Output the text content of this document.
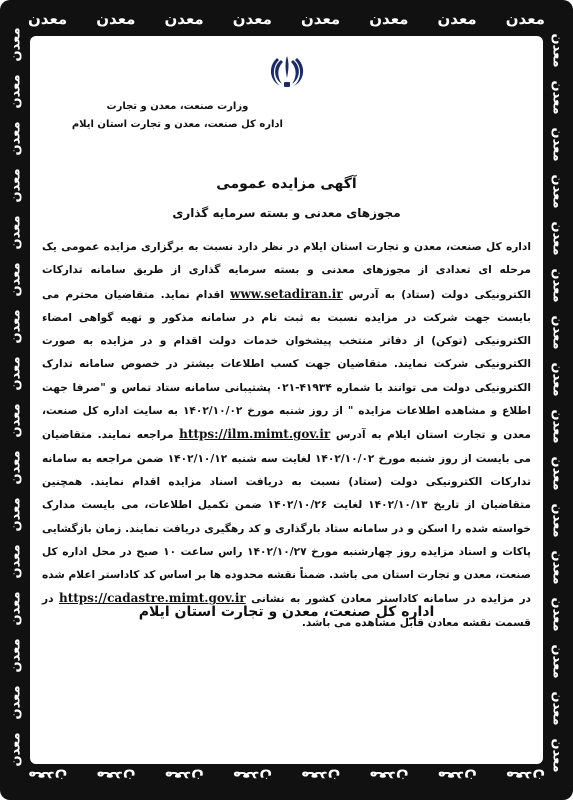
معدن معدن معدن معدن معدن معدن معدن معدن
معدن
معدن
معدن
معدن
معدن
معدن
معدن
معدن
معدن
معدن
معدن
معدن
معدن
معدن
معدن
معدن
معدن
معدن
معدن
معدن
معدن
معدن
معدن
معدن
معدن
معدن
معدن
معدن
معدن
معدن
معدن
معدن
معدن
معدن
معدن
معدن
معدن
معدن
معدن
معدن
وزارت صنعت، معدن و تجارت
اداره کل صنعت، معدن و تجارت استان ایلام
آگهی مزایده عمومی
مجوزهای معدنی و بسته سرمایه گذاری
اداره کل صنعت، معدن و تجارت استان ایلام در نظر دارد نسبت به برگزاری مزایده عمومی یک مرحله ای تعدادی از مجوزهای معدنی و بسته سرمایه گذاری از طریق سامانه تدارکات الکترونیکی دولت (ستاد) به آدرس www.setadiran.ir اقدام نماید. متقاضیان محترم می بایست جهت شرکت در مزایده نسبت به ثبت نام در سامانه مذکور و تهیه گواهی امضاء الکترونیکی (توکن) از دفاتر منتخب پیشخوان خدمات دولت اقدام و در مزایده به صورت الکترونیکی شرکت نمایند. متقاضیان جهت کسب اطلاعات بیشتر در خصوص سامانه تدارک الکترونیکی دولت می توانند با شماره ۴۱۹۳۴-۰۲۱ پشتیبانی سامانه ستاد تماس و "صرفا جهت اطلاع و مشاهده اطلاعات مزایده " از روز شنبه مورخ ۱۴۰۲/۱۰/۰۲ به سایت اداره کل صنعت، معدن و تجارت استان ایلام به آدرس https://ilm.mimt.gov.ir مراجعه نمایند. متقاضیان می بایست از روز شنبه مورخ ۱۴۰۲/۱۰/۰۲ لغایت سه شنبه ۱۴۰۲/۱۰/۱۲ ضمن مراجعه به سامانه تدارکات الکترونیکی دولت (ستاد) نسبت به دریافت اسناد مزایده اقدام نمایند. همچنین متقاضیان از تاریخ ۱۴۰۲/۱۰/۱۳ لغایت ۱۴۰۲/۱۰/۲۶ ضمن تکمیل اطلاعات، می بایست مدارک خواسته شده را اسکن و در سامانه ستاد بارگذاری و کد رهگیری دریافت نمایند. زمان بازگشایی پاکات و اسناد مزایده روز چهارشنبه مورخ ۱۴۰۲/۱۰/۲۷ راس ساعت ۱۰ صبح در محل اداره کل صنعت، معدن و تجارت استان می باشد. ضمناً نقشه محدوده ها بر اساس کد کاداستر اعلام شده در مزایده در سامانه کاداستر معادن کشور به نشانی https://cadastre.mimt.gov.ir در قسمت نقشه معادن قابل مشاهده می باشد.
اداره کل صنعت، معدن و تجارت استان ایلام
